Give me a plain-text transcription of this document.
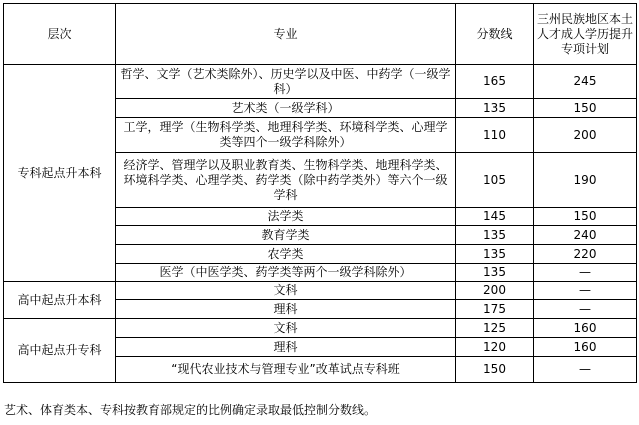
层次	专业	分数线	三州民族地区本土人才成人学历提升专项计划
专科起点升本科	哲学、文学（艺术类除外）、历史学以及中医、中药学（一级学科）	165	245
	艺术类（一级学科）	135	150
	工学，理学（生物科学类、地理科学类、环境科学类、心理学类等四个一级学科除外）	110	200
	经济学、管理学以及职业教育类、生物科学类、地理科学类、环境科学类、心理学类、药学类（除中药学类外）等六个一级学科	105	190
	法学类	145	150
	教育学类	135	240
	农学类	135	220
	医学（中医学类、药学类等两个一级学科除外）	135	—
高中起点升本科	文科	200	—
	理科	175	—
高中起点升专科	文科	125	160
	理科	120	160
	“现代农业技术与管理专业”改革试点专科班	150	—
艺术、体育类本、专科按教育部规定的比例确定录取最低控制分数线。
